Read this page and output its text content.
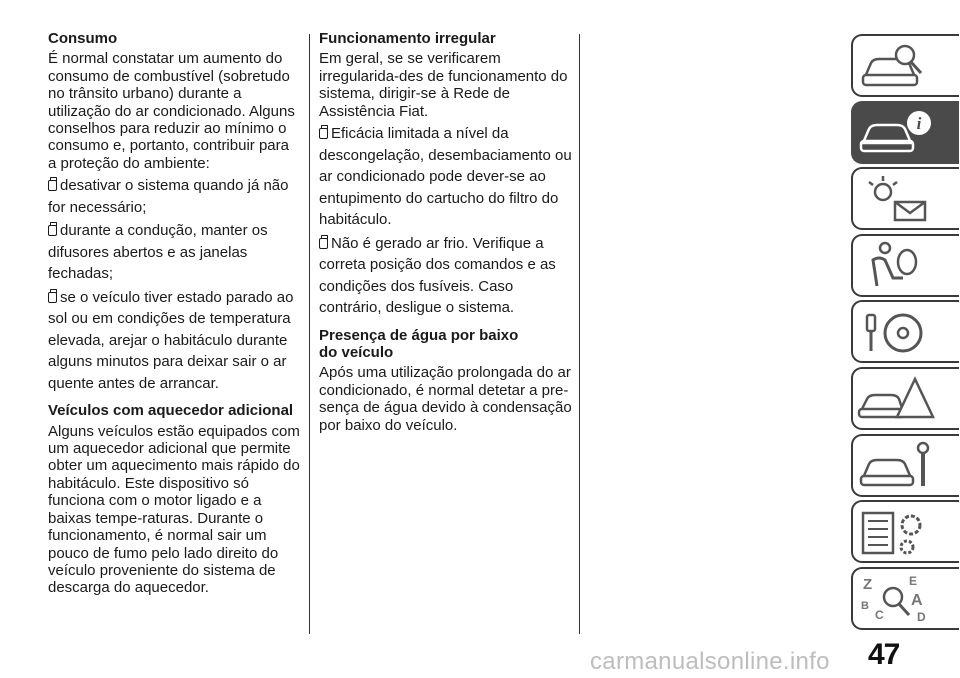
Consumo

É normal constatar um aumento do consumo de combustível (sobretudo no trânsito urbano) durante a utilização do ar condicionado. Alguns conselhos para reduzir ao mínimo o consumo e, portanto, contribuir para a proteção do ambiente:

desativar o sistema quando já não for necessário;
durante a condução, manter os difusores abertos e as janelas fechadas;
se o veículo tiver estado parado ao sol ou em condições de temperatura elevada, arejar o habitáculo durante alguns minutos para deixar sair o ar quente antes de arrancar.
Veículos com aquecedor adicional

Alguns veículos estão equipados com um aquecedor adicional que permite obter um aquecimento mais rápido do habitáculo. Este dispositivo só funciona com o motor ligado e a baixas tempe-raturas. Durante o funcionamento, é normal sair um pouco de fumo pelo lado direito do veículo proveniente do sistema de descarga do aquecedor.

Funcionamento irregular

Em geral, se se verificarem irregularida-des de funcionamento do sistema, dirigir-se à Rede de Assistência Fiat.

Eficácia limitada a nível da descongelação, desembaciamento ou ar condicionado pode dever-se ao entupimento do cartucho do filtro do habitáculo.
Não é gerado ar frio. Verifique a correta posição dos comandos e as condições dos fusíveis. Caso contrário, desligue o sistema.
Presença de água por baixo
do veículo

Após uma utilização prolongada do ar condicionado, é normal detetar a pre-sença de água devido à condensação por baixo do veículo.

i
Z	E
B	A
C	D
47
carmanualsonline.info
